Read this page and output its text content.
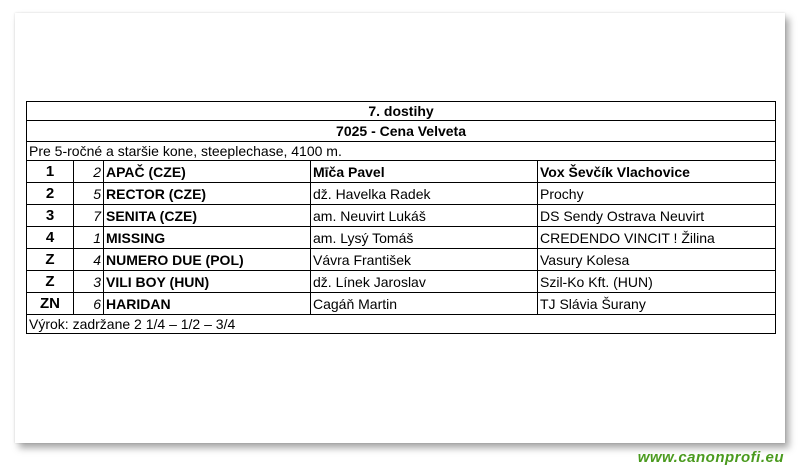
7. dostihy				
7025 - Cena Velveta				
Pre 5-ročné a staršie kone, steeplechase, 4100 m.				
1	2	APAČ (CZE)	Mīča Pavel	Vox Ševčík Vlachovice
2	5	RECTOR (CZE)	dž. Havelka Radek	Prochy
3	7	SENITA (CZE)	am. Neuvirt Lukáš	DS Sendy Ostrava Neuvirt
4	1	MISSING	am. Lysý Tomáš	CREDENDO VINCIT ! Žilina
Z	4	NUMERO DUE (POL)	Vávra František	Vasury Kolesa
Z	3	VILI BOY (HUN)	dž. Línek Jaroslav	Szil-Ko Kft. (HUN)
ZN	6	HARIDAN	Cagáň Martin	TJ Slávia Šurany
Výrok: zadržane 2 1/4 – 1/2 – 3/4				
www.canonprofi.eu
